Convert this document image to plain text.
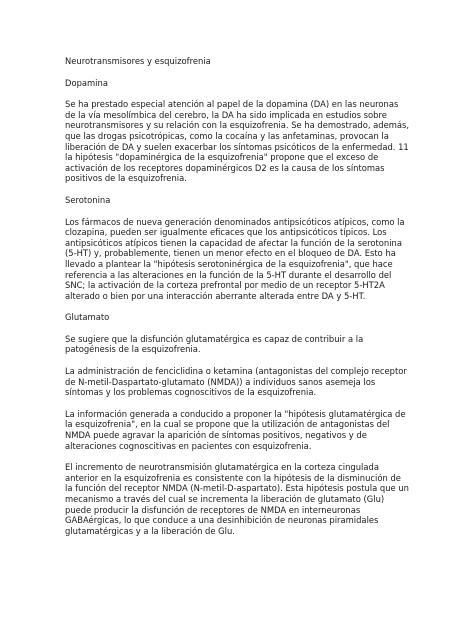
Neurotransmisores y esquizofrenia

Dopamina

Se ha prestado especial atención al papel de la dopamina (DA) en las neuronas de la vía mesolímbica del cerebro, la DA ha sido implicada en estudios sobre neurotransmisores y su relación con la esquizofrenia. Se ha demostrado, además, que las drogas psicotrópicas, como la cocaína y las anfetaminas, provocan la liberación de DA y suelen exacerbar los síntomas psicóticos de la enfermedad. 11 la hipótesis "dopaminérgica de la esquizofrenia" propone que el exceso de activación de los receptores dopaminérgicos D2 es la causa de los síntomas positivos de la esquizofrenia.

Serotonina

Los fármacos de nueva generación denominados antipsicóticos atípicos, como la clozapina, pueden ser igualmente eficaces que los antipsicóticos típicos. Los antipsicóticos atípicos tienen la capacidad de afectar la función de la serotonina (5-HT) y, probablemente, tienen un menor efecto en el bloqueo de DA. Esto ha llevado a plantear la "hipótesis serotoninérgica de la esquizofrenia", que hace referencia a las alteraciones en la función de la 5-HT durante el desarrollo del SNC; la activación de la corteza prefrontal por medio de un receptor 5-HT2A alterado o bien por una interacción aberrante alterada entre DA y 5-HT.

Glutamato

Se sugiere que la disfunción glutamatérgica es capaz de contribuir a la patogénesis de la esquizofrenia.

La administración de fenciclidina o ketamina (antagonistas del complejo receptor de N-metil-Daspartato-glutamato (NMDA)) a individuos sanos asemeja los síntomas y los problemas cognoscitivos de la esquizofrenia.

La información generada a conducido a proponer la "hipótesis glutamatérgica de la esquizofrenia", en la cual se propone que la utilización de antagonistas del NMDA puede agravar la aparición de síntomas positivos, negativos y de alteraciones cognoscitivas en pacientes con esquizofrenia.

El incremento de neurotransmisión glutamatérgica en la corteza cingulada anterior en la esquizofrenia es consistente con la hipótesis de la disminución de la función del receptor NMDA (N-metil-D-aspartato). Esta hipótesis postula que un mecanismo a través del cual se incrementa la liberación de glutamato (Glu) puede producir la disfunción de receptores de NMDA en interneuronas GABAérgicas, lo que conduce a una desinhibición de neuronas piramidales glutamatérgicas y a la liberación de Glu.
